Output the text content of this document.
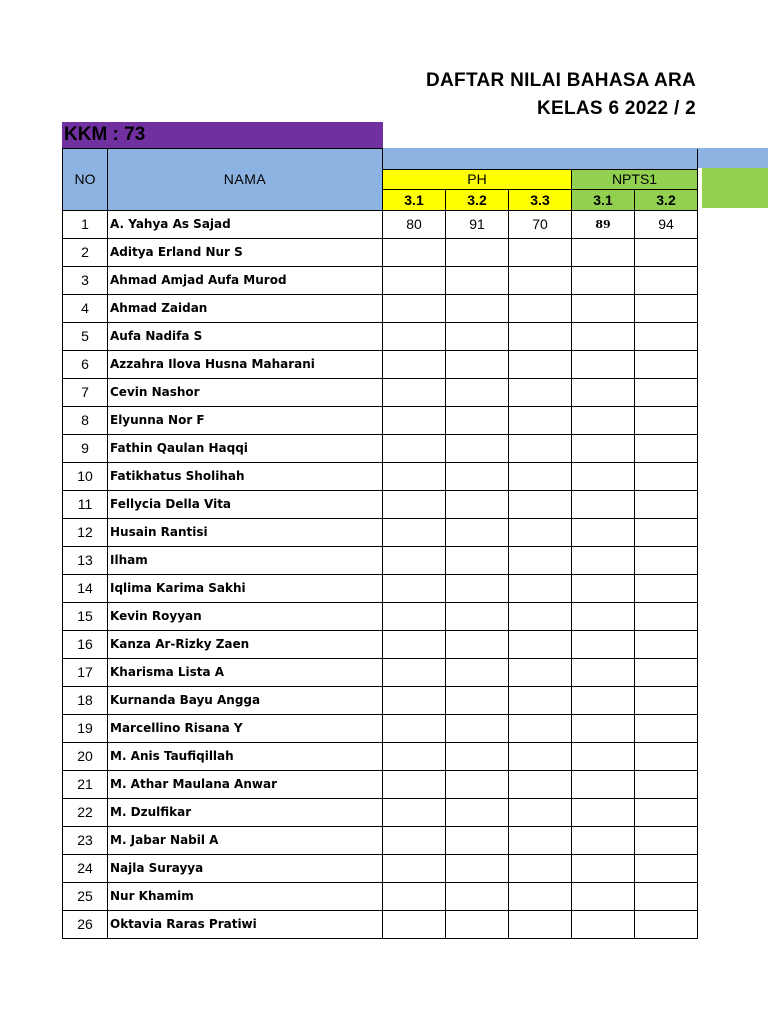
DAFTAR NILAI BAHASA ARA
KELAS 6 2022 / 2
KKM : 73
NO	NAMA					
		PH			NPTS1	
		3.1	3.2	3.3	3.1	3.2
1	A. Yahya As Sajad	80	91	70	89	94
2	Aditya Erland Nur S					
3	Ahmad Amjad Aufa Murod					
4	Ahmad Zaidan					
5	Aufa Nadifa S					
6	Azzahra Ilova Husna Maharani					
7	Cevin Nashor					
8	Elyunna Nor F					
9	Fathin Qaulan Haqqi					
10	Fatikhatus Sholihah					
11	Fellycia Della Vita					
12	Husain Rantisi					
13	Ilham					
14	Iqlima Karima Sakhi					
15	Kevin Royyan					
16	Kanza Ar-Rizky Zaen					
17	Kharisma Lista A					
18	Kurnanda Bayu Angga					
19	Marcellino Risana Y					
20	M. Anis Taufiqillah					
21	M. Athar Maulana Anwar					
22	M. Dzulfikar					
23	M. Jabar Nabil A					
24	Najla Surayya					
25	Nur Khamim					
26	Oktavia Raras Pratiwi					
